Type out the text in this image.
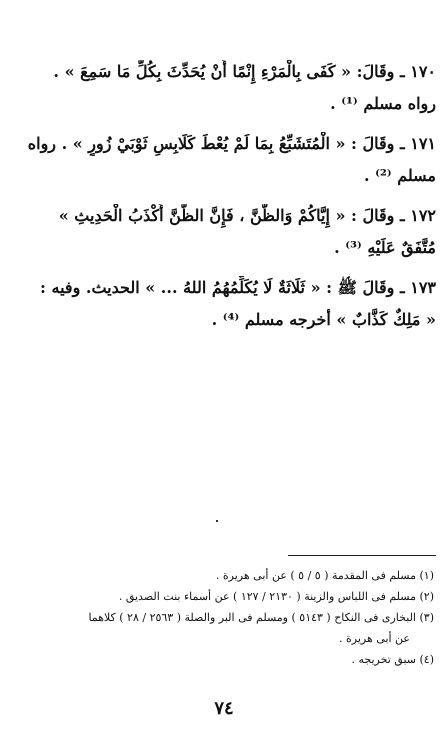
١٧٠ ـ وقَالَ: « كَفَى بِالْمَرْءِ إِنْمًا أَنْ يُحَدِّثَ بِكُلِّ مَا سَمِعَ » .
رواه مسلم ⁽¹⁾ .
١٧١ ـ وقَالَ : « الْمُتَشَبِّعُ بِمَا لَمْ يُعْطَ كَلَابِسِ ثَوْبَيْ زُورٍ » . رواه
مسلم ⁽²⁾ .
١٧٢ ـ وقَالَ : « إِيَّاكُمْ وَالظَّنَّ ، فَإِنَّ الظَّنَّ أَكْذَبُ الْحَدِيثِ »
مُتَّفَقٌ عَلَيْهِ ⁽³⁾ .
١٧٣ ـ وقَالَ ﷺ : « ثَلَاثَةٌ لَا يُكَلِّمُهُمُ اللهُ ... » الحديث. وفيه :
« مَلِكٌ كَذَّابٌ » أخرجه مسلم ⁽⁴⁾ .
(١) مسلم فى المقدمة ( ٥ / ٥ ) عن أبى هريرة .
(٢) مسلم فى اللباس والزينة ( ٢١٣٠ / ١٢٧ ) عن أسماء بنت الصديق .
(٣) البخارى فى النكاح ( ٥١٤٣ ) ومسلم فى البر والصلة ( ٢٥٦٣ / ٢٨ ) كلاهما
عن أبى هريرة .
(٤) سبق تخريجه .
٧٤
